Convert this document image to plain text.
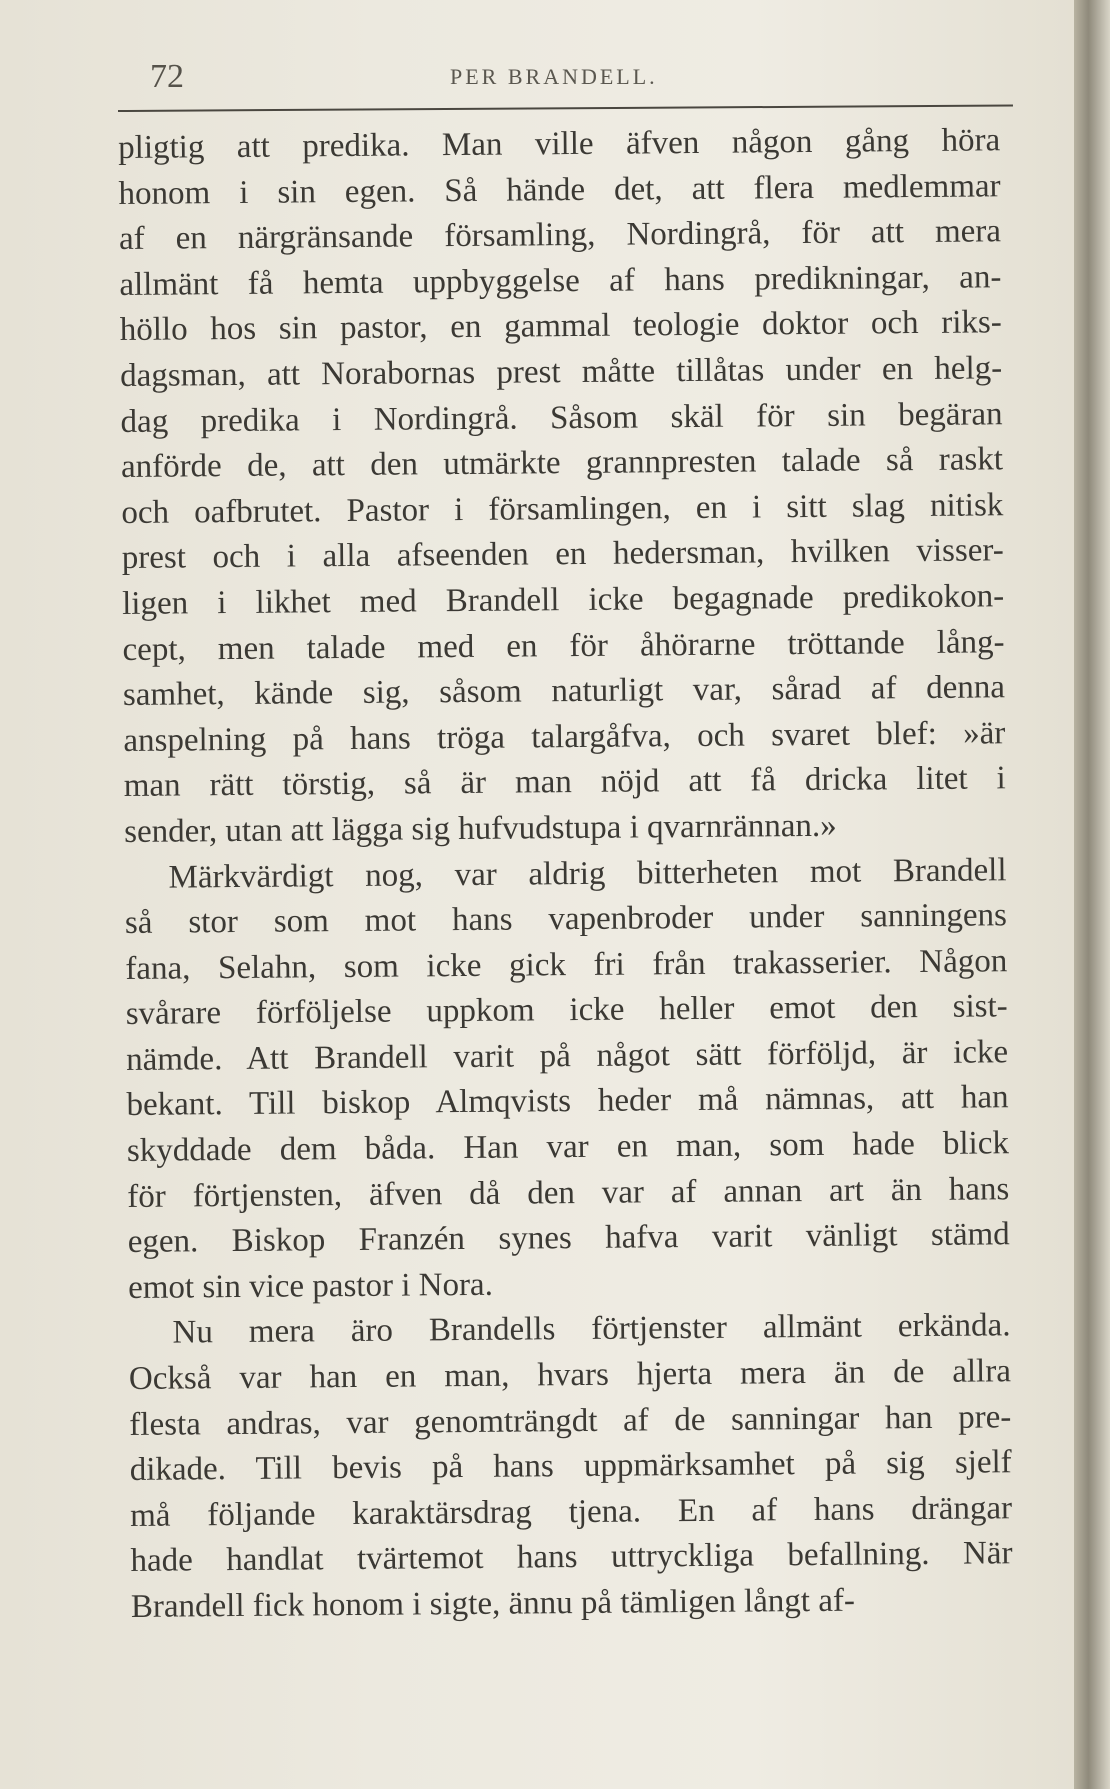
72	PER BRANDELL.
pligtig att predika. Man ville äfven någon gång höra
honom i sin egen. Så hände det, att flera medlemmar
af en närgränsande församling, Nordingrå, för att mera
allmänt få hemta uppbyggelse af hans predikningar, an-
höllo hos sin pastor, en gammal teologie doktor och riks-
dagsman, att Norabornas prest måtte tillåtas under en helg-
dag predika i Nordingrå. Såsom skäl för sin begäran
anförde de, att den utmärkte grannpresten talade så raskt
och oafbrutet. Pastor i församlingen, en i sitt slag nitisk
prest och i alla afseenden en hedersman, hvilken visser-
ligen i likhet med Brandell icke begagnade predikokon-
cept, men talade med en för åhörarne tröttande lång-
samhet, kände sig, såsom naturligt var, sårad af denna
anspelning på hans tröga talargåfva, och svaret blef: »är
man rätt törstig, så är man nöjd att få dricka litet i
sender, utan att lägga sig hufvudstupa i qvarnrännan.»
Märkvärdigt nog, var aldrig bitterheten mot Brandell
så stor som mot hans vapenbroder under sanningens
fana, Selahn, som icke gick fri från trakasserier. Någon
svårare förföljelse uppkom icke heller emot den sist-
nämde. Att Brandell varit på något sätt förföljd, är icke
bekant. Till biskop Almqvists heder må nämnas, att han
skyddade dem båda. Han var en man, som hade blick
för förtjensten, äfven då den var af annan art än hans
egen. Biskop Franzén synes hafva varit vänligt stämd
emot sin vice pastor i Nora.
Nu mera äro Brandells förtjenster allmänt erkända.
Också var han en man, hvars hjerta mera än de allra
flesta andras, var genomträngdt af de sanningar han pre-
dikade. Till bevis på hans uppmärksamhet på sig sjelf
må följande karaktärsdrag tjena. En af hans drängar
hade handlat tvärtemot hans uttryckliga befallning. När
Brandell fick honom i sigte, ännu på tämligen långt af-
